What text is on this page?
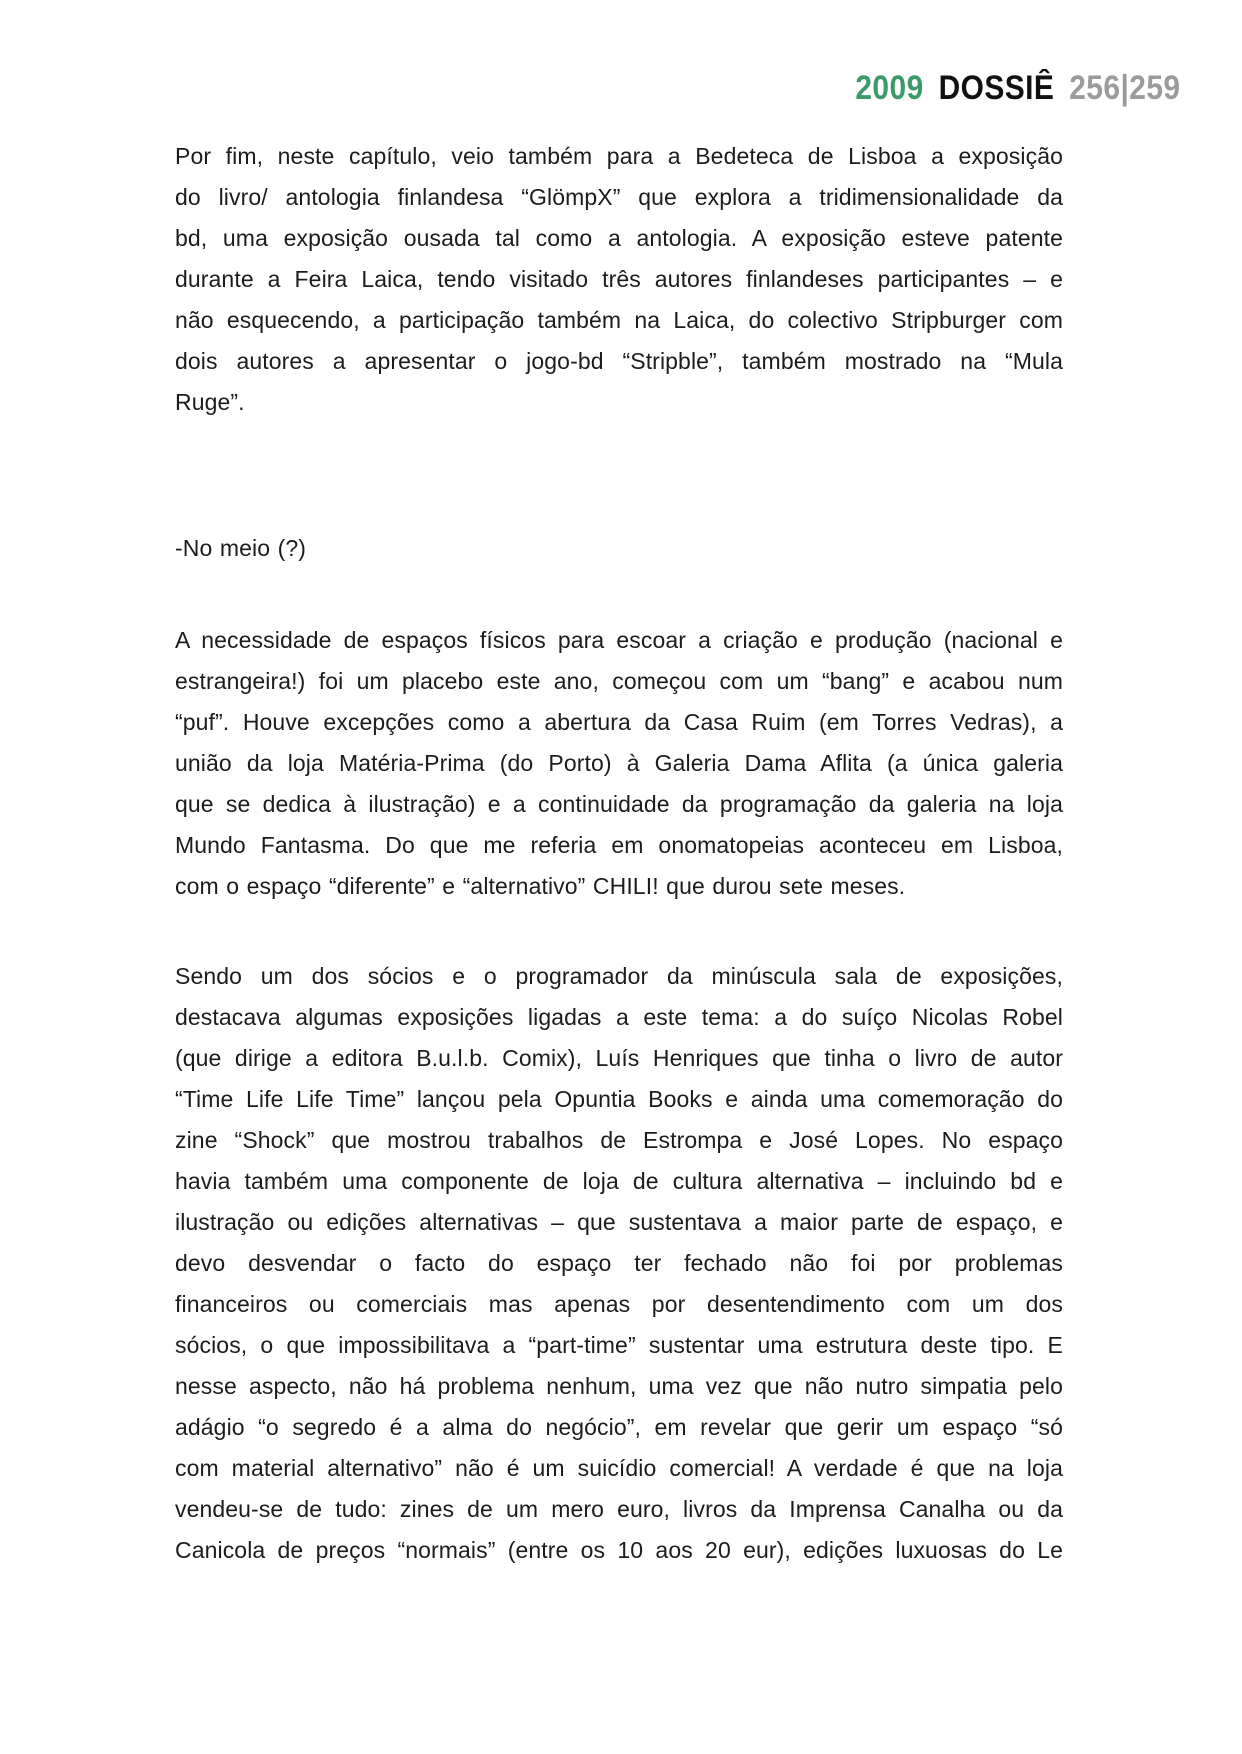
2009 DOSSIÊ 256|259

Por fim, neste capítulo, veio também para a Bedeteca de Lisboa a exposição
do livro/ antologia finlandesa “GlömpX” que explora a tridimensionalidade da
bd, uma exposição ousada tal como a antologia. A exposição esteve patente
durante a Feira Laica, tendo visitado três autores finlandeses participantes – e
não esquecendo, a participação também na Laica, do colectivo Stripburger com
dois autores a apresentar o jogo-bd “Stripble”, também mostrado na “Mula
Ruge”.

-No meio (?)

A necessidade de espaços físicos para escoar a criação e produção (nacional e
estrangeira!) foi um placebo este ano, começou com um “bang” e acabou num
“puf”. Houve excepções como a abertura da Casa Ruim (em Torres Vedras), a
união da loja Matéria-Prima (do Porto) à Galeria Dama Aflita (a única galeria
que se dedica à ilustração) e a continuidade da programação da galeria na loja
Mundo Fantasma. Do que me referia em onomatopeias aconteceu em Lisboa,
com o espaço “diferente” e “alternativo” CHILI! que durou sete meses.

Sendo um dos sócios e o programador da minúscula sala de exposições,
destacava algumas exposições ligadas a este tema: a do suíço Nicolas Robel
(que dirige a editora B.u.l.b. Comix), Luís Henriques que tinha o livro de autor
“Time Life Life Time” lançou pela Opuntia Books e ainda uma comemoração do
zine “Shock” que mostrou trabalhos de Estrompa e José Lopes. No espaço
havia também uma componente de loja de cultura alternativa – incluindo bd e
ilustração ou edições alternativas – que sustentava a maior parte de espaço, e
devo desvendar o facto do espaço ter fechado não foi por problemas
financeiros ou comerciais mas apenas por desentendimento com um dos
sócios, o que impossibilitava a “part-time” sustentar uma estrutura deste tipo. E
nesse aspecto, não há problema nenhum, uma vez que não nutro simpatia pelo
adágio “o segredo é a alma do negócio”, em revelar que gerir um espaço “só
com material alternativo” não é um suicídio comercial! A verdade é que na loja
vendeu-se de tudo: zines de um mero euro, livros da Imprensa Canalha ou da
Canicola de preços “normais” (entre os 10 aos 20 eur), edições luxuosas do Le
